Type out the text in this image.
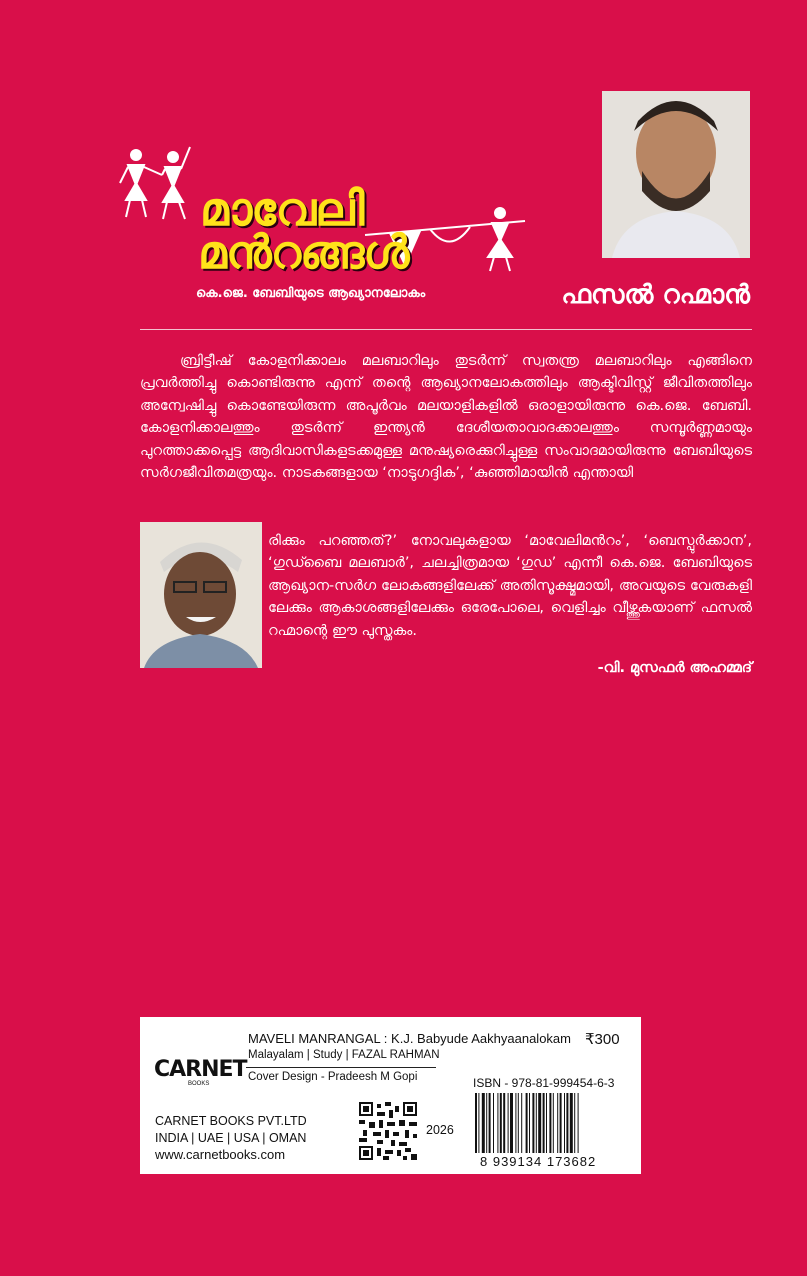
മാവേലി
മൻറങ്ങൾ
കെ.ജെ. ബേബിയുടെ ആഖ്യാനലോകം	ഫസൽ റഹ്മാൻ
ബ്രിട്ടീഷ് കോളനിക്കാലം മലബാറിലും തുടർന്ന് സ്വതന്ത്ര മലബാറിലും എങ്ങിനെ പ്രവർത്തിച്ചു കൊണ്ടിരുന്നു എന്ന് തന്റെ ആഖ്യാനലോകത്തിലും ആക്ടിവിസ്റ്റ് ജീവിതത്തിലും അന്വേഷിച്ചു കൊണ്ടേയിരുന്ന അപൂർവം മലയാളികളിൽ ഒരാളായിരുന്നു കെ.ജെ. ബേബി. കോളനിക്കാലത്തും തുടർന്ന് ഇന്ത്യൻ ദേശീയതാവാദക്കാലത്തും സമ്പൂർണ്ണമായും പുറത്താക്കപ്പെട്ട ആദിവാസികളടക്കമുള്ള മനുഷ്യരെക്കുറിച്ചുള്ള സംവാദമായിരുന്നു ബേബിയുടെ സർഗജീവിതമത്രയും. നാടകങ്ങളായ ‘നാടുഗദ്ദിക’, ‘കുഞ്ഞിമായിൻ എന്തായി
രിക്കും പറഞ്ഞത്?’ നോവലുകളായ ‘മാവേലിമൻറം’, ‘ബെസ്പുർക്കാന’, ‘ഗുഡ്ബൈ മലബാർ’, ചലച്ചിത്രമായ ‘ഗുഡ’ എന്നീ കെ.ജെ. ബേബിയുടെ ആഖ്യാന-സർഗ ലോകങ്ങളിലേക്ക് അതിസൂക്ഷ്മമായി, അവയുടെ വേരുകളി ലേക്കും ആകാശങ്ങളിലേക്കും ഒരേപോലെ, വെളിച്ചം വീഴ്ത്തുകയാണ് ഫസൽ റഹ്മാന്റെ ഈ പുസ്തകം.
-വി. മുസഫർ അഹമ്മദ്
MAVELI MANRANGAL : K.J. Babyude Aakhyaanalokam ₹300
Malayalam | Study | FAZAL RAHMAN
Cover Design - Pradeesh M Gopi
CARNET
BOOKS
CARNET BOOKS PVT.LTD
INDIA | UAE | USA | OMAN
www.carnetbooks.com
2026
ISBN - 978-81-999454-6-3
8 939134 173682
